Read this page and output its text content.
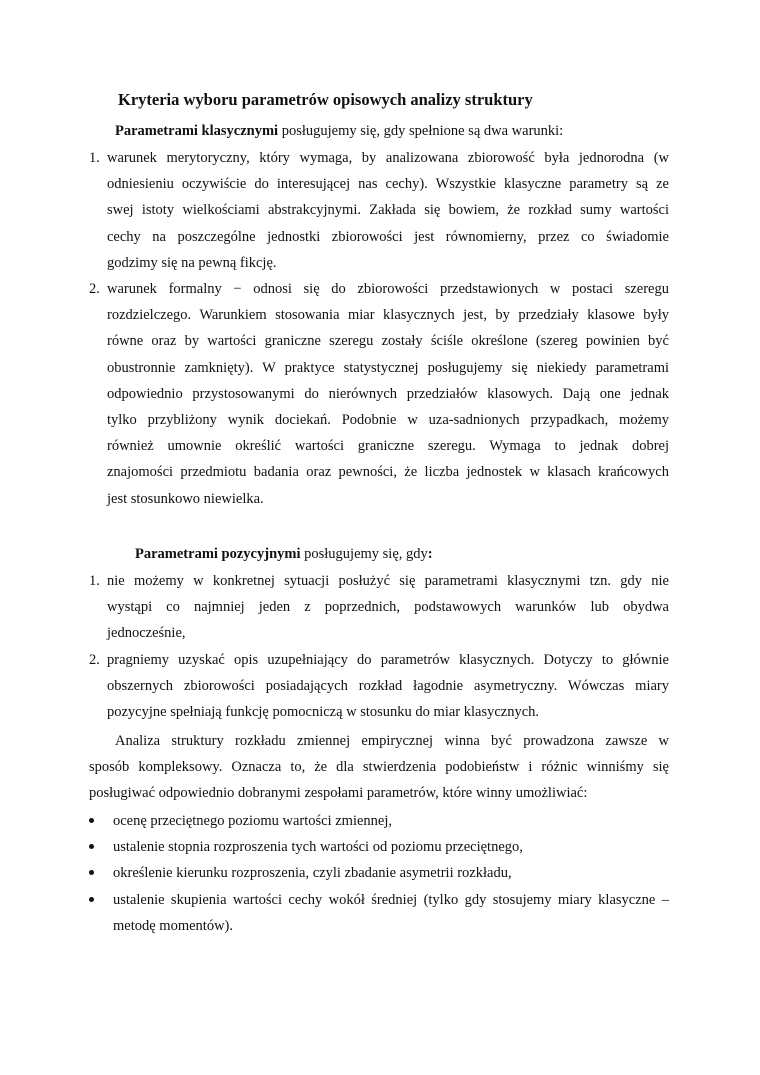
Kryteria wyboru parametrów opisowych analizy struktury
Parametrami klasycznymi posługujemy się, gdy spełnione są dwa warunki:
1. warunek merytoryczny, który wymaga, by analizowana zbiorowość była jednorodna (w
odniesieniu oczywiście do interesującej nas cechy). Wszystkie klasyczne parametry są ze
swej istoty wielkościami abstrakcyjnymi. Zakłada się bowiem, że rozkład sumy wartości
cechy na poszczególne jednostki zbiorowości jest równomierny, przez co świadomie
godzimy się na pewną fikcję.
2. warunek formalny − odnosi się do zbiorowości przedstawionych w postaci szeregu
rozdzielczego. Warunkiem stosowania miar klasycznych jest, by przedziały klasowe były
równe oraz by wartości graniczne szeregu zostały ściśle określone (szereg powinien być
obustronnie zamknięty). W praktyce statystycznej posługujemy się niekiedy parametrami
odpowiednio przystosowanymi do nierównych przedziałów klasowych. Dają one jednak
tylko przybliżony wynik dociekań. Podobnie w uza-sadnionych przypadkach, możemy
również umownie określić wartości graniczne szeregu. Wymaga to jednak dobrej
znajomości przedmiotu badania oraz pewności, że liczba jednostek w klasach krańcowych
jest stosunkowo niewielka.
Parametrami pozycyjnymi posługujemy się, gdy:
1. nie możemy w konkretnej sytuacji posłużyć się parametrami klasycznymi tzn. gdy nie
wystąpi co najmniej jeden z poprzednich, podstawowych warunków lub obydwa
jednocześnie,
2. pragniemy uzyskać opis uzupełniający do parametrów klasycznych. Dotyczy to głównie
obszernych zbiorowości posiadających rozkład łagodnie asymetryczny. Wówczas miary
pozycyjne spełniają funkcję pomocniczą w stosunku do miar klasycznych.
Analiza struktury rozkładu zmiennej empirycznej winna być prowadzona zawsze w
sposób kompleksowy. Oznacza to, że dla stwierdzenia podobieństw i różnic winniśmy się
posługiwać odpowiednio dobranymi zespołami parametrów, które winny umożliwiać:
ocenę przeciętnego poziomu wartości zmiennej,
ustalenie stopnia rozproszenia tych wartości od poziomu przeciętnego,
określenie kierunku rozproszenia, czyli zbadanie asymetrii rozkładu,
ustalenie skupienia wartości cechy wokół średniej (tylko gdy stosujemy miary klasyczne –
metodę momentów).
